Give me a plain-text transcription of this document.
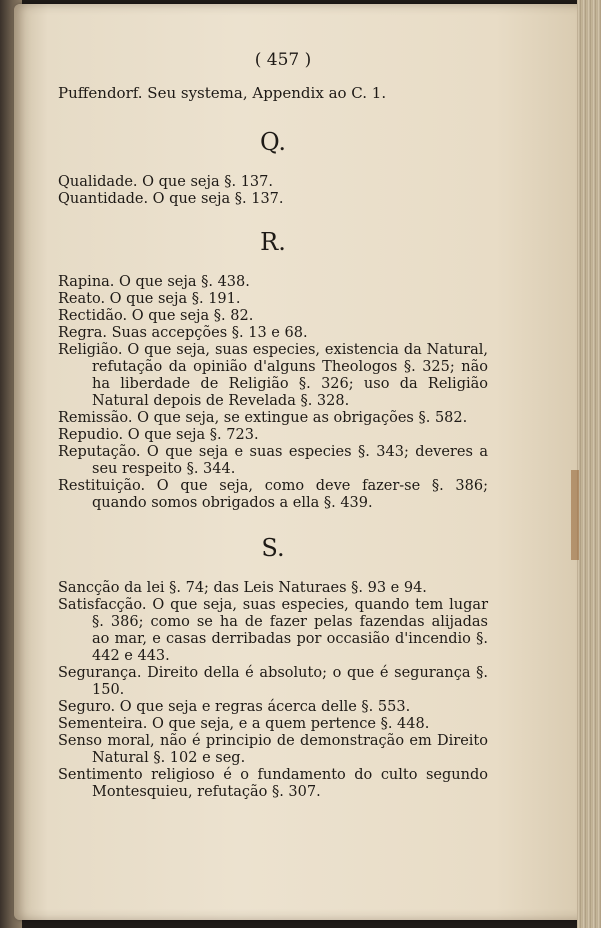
( 457 )

Puffendorf. Seu systema, Appendix ao C. 1.

Q.

Qualidade. O que seja §. 137.

Quantidade. O que seja §. 137.

R.

Rapina. O que seja §. 438.

Reato. O que seja §. 191.

Rectidão. O que seja §. 82.

Regra. Suas accepções §. 13 e 68.

Religião. O que seja, suas especies, existencia da Natural, refutação da opinião d'alguns Theologos §. 325; não ha liberdade de Religião §. 326; uso da Religião Natural depois de Revelada §. 328.

Remissão. O que seja, se extingue as obrigações §. 582.

Repudio. O que seja §. 723.

Reputação. O que seja e suas especies §. 343; deveres a seu respeito §. 344.

Restituição. O que seja, como deve fazer-se §. 386; quando somos obrigados a ella §. 439.

S.

Sancção da lei §. 74; das Leis Naturaes §. 93 e 94.

Satisfacção. O que seja, suas especies, quando tem lugar §. 386; como se ha de fazer pelas fazendas alijadas ao mar, e casas derribadas por occasião d'incendio §. 442 e 443.

Segurança. Direito della é absoluto; o que é segurança §. 150.

Seguro. O que seja e regras ácerca delle §. 553.

Sementeira. O que seja, e a quem pertence §. 448.

Senso moral, não é principio de demonstração em Direito Natural §. 102 e seg.

Sentimento religioso é o fundamento do culto segundo Montesquieu, refutação §. 307.
